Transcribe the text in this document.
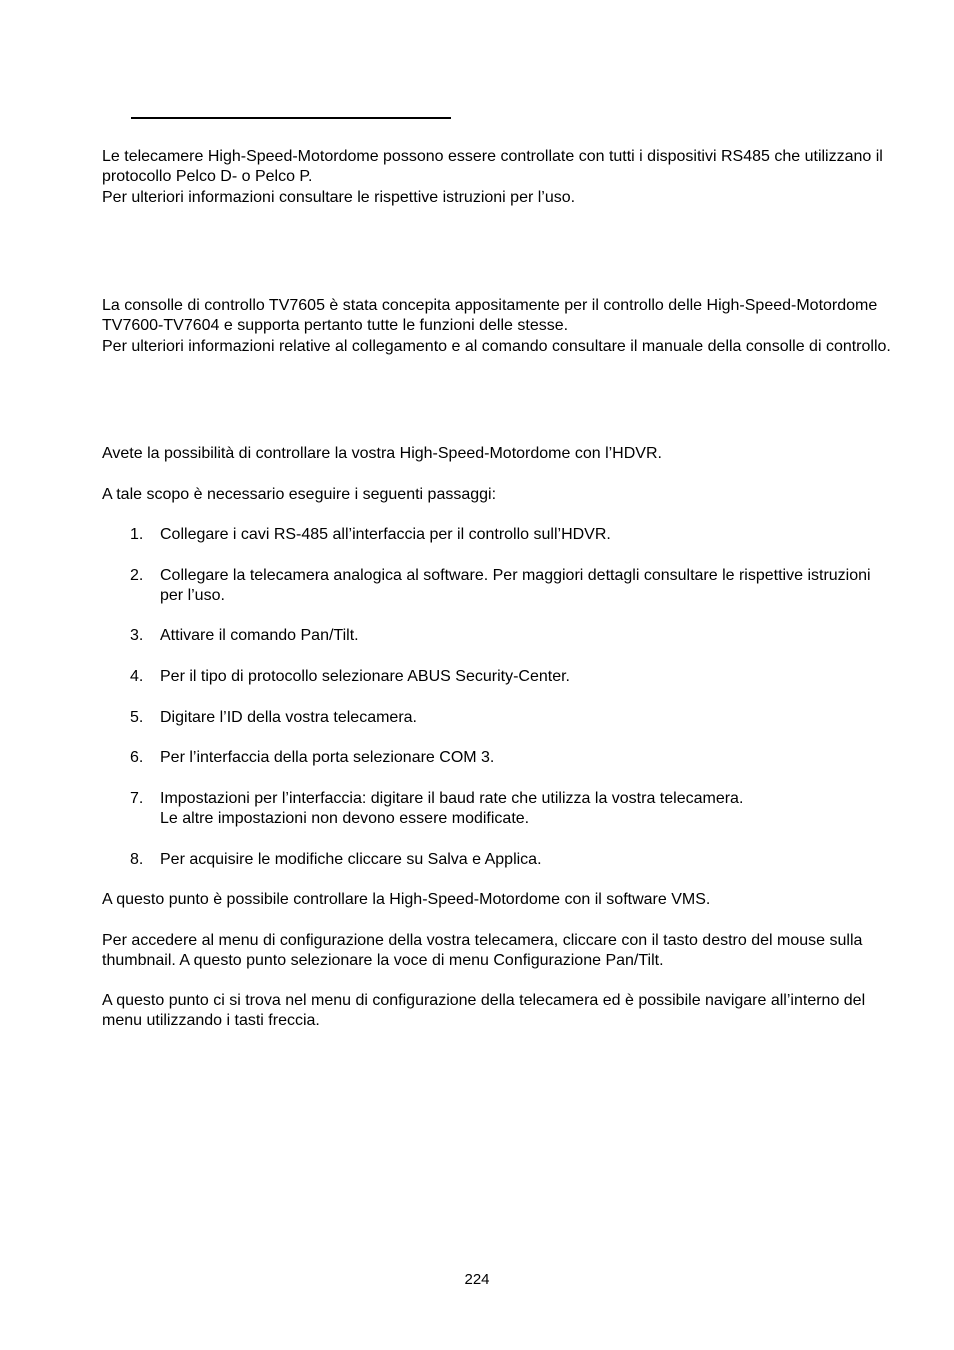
Le telecamere High-Speed-Motordome possono essere controllate con tutti i dispositivi RS485 che utilizzano il protocollo Pelco D- o Pelco P.
Per ulteriori informazioni consultare le rispettive istruzioni per l’uso.

La consolle di controllo TV7605 è stata concepita appositamente per il controllo delle High-Speed-Motordome TV7600-TV7604 e supporta pertanto tutte le funzioni delle stesse.
Per ulteriori informazioni relative al collegamento e al comando consultare il manuale della consolle di controllo.

Avete la possibilità di controllare la vostra High-Speed-Motordome con l’HDVR.

A tale scopo è necessario eseguire i seguenti passaggi:

1. Collegare i cavi RS-485 all’interfaccia per il controllo sull’HDVR.
2. Collegare la telecamera analogica al software. Per maggiori dettagli consultare le rispettive istruzioni per l’uso.
3. Attivare il comando Pan/Tilt.
4. Per il tipo di protocollo selezionare ABUS Security-Center.
5. Digitare l’ID della vostra telecamera.
6. Per l’interfaccia della porta selezionare COM 3.
7. Impostazioni per l’interfaccia: digitare il baud rate che utilizza la vostra telecamera.
Le altre impostazioni non devono essere modificate.
8. Per acquisire le modifiche cliccare su Salva e Applica.

A questo punto è possibile controllare la High-Speed-Motordome con il software VMS.

Per accedere al menu di configurazione della vostra telecamera, cliccare con il tasto destro del mouse sulla thumbnail. A questo punto selezionare la voce di menu Configurazione Pan/Tilt.

A questo punto ci si trova nel menu di configurazione della telecamera ed è possibile navigare all’interno del menu utilizzando i tasti freccia.

224
